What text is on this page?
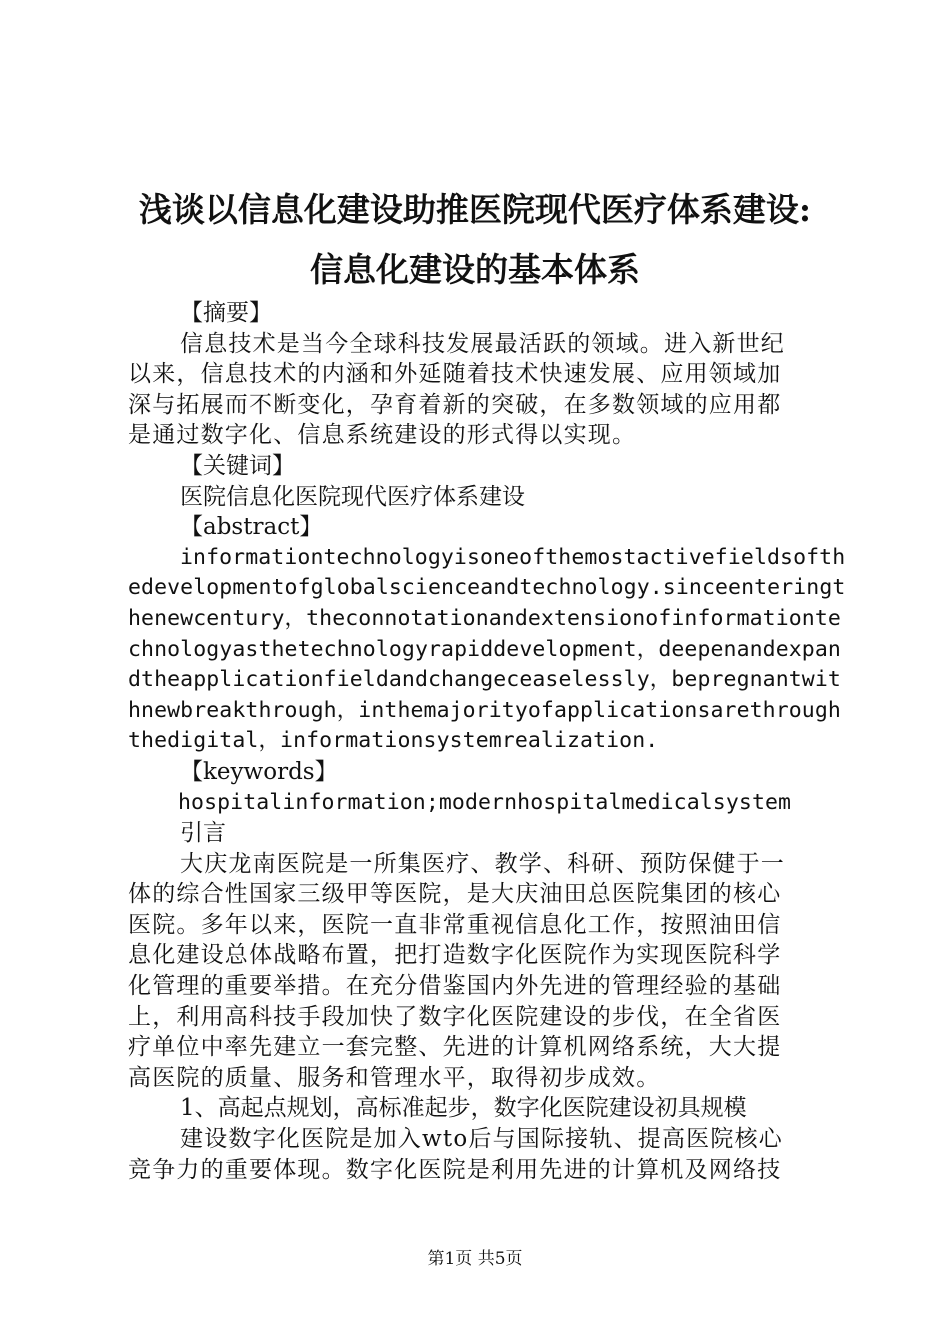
浅谈以信息化建设助推医院现代医疗体系建设:
信息化建设的基本体系
【摘要】
信息技术是当今全球科技发展最活跃的领域。进入新世纪
以来，信息技术的内涵和外延随着技术快速发展、应用领域加
深与拓展而不断变化，孕育着新的突破，在多数领域的应用都
是通过数字化、信息系统建设的形式得以实现。
【关键词】
医院信息化医院现代医疗体系建设
【abstract】
informationtechnologyisoneofthemostactivefieldsofth
edevelopmentofglobalscienceandtechnology.sinceenteringt
henewcentury，theconnotationandextensionofinformationte
chnologyasthetechnologyrapiddevelopment，deepenandexpan
dtheapplicationfieldandchangeceaselessly，bepregnantwit
hnewbreakthrough，inthemajorityofapplicationsarethrough
thedigital，informationsystemrealization.
【keywords】
hospitalinformation;modernhospitalmedicalsystem
引言
大庆龙南医院是一所集医疗、教学、科研、预防保健于一
体的综合性国家三级甲等医院，是大庆油田总医院集团的核心
医院。多年以来，医院一直非常重视信息化工作，按照油田信
息化建设总体战略布置，把打造数字化医院作为实现医院科学
化管理的重要举措。在充分借鉴国内外先进的管理经验的基础
上，利用高科技手段加快了数字化医院建设的步伐，在全省医
疗单位中率先建立一套完整、先进的计算机网络系统，大大提
高医院的质量、服务和管理水平，取得初步成效。
1、高起点规划，高标准起步，数字化医院建设初具规模
建设数字化医院是加入wto后与国际接轨、提高医院核心
竞争力的重要体现。数字化医院是利用先进的计算机及网络技
第1页 共5页
